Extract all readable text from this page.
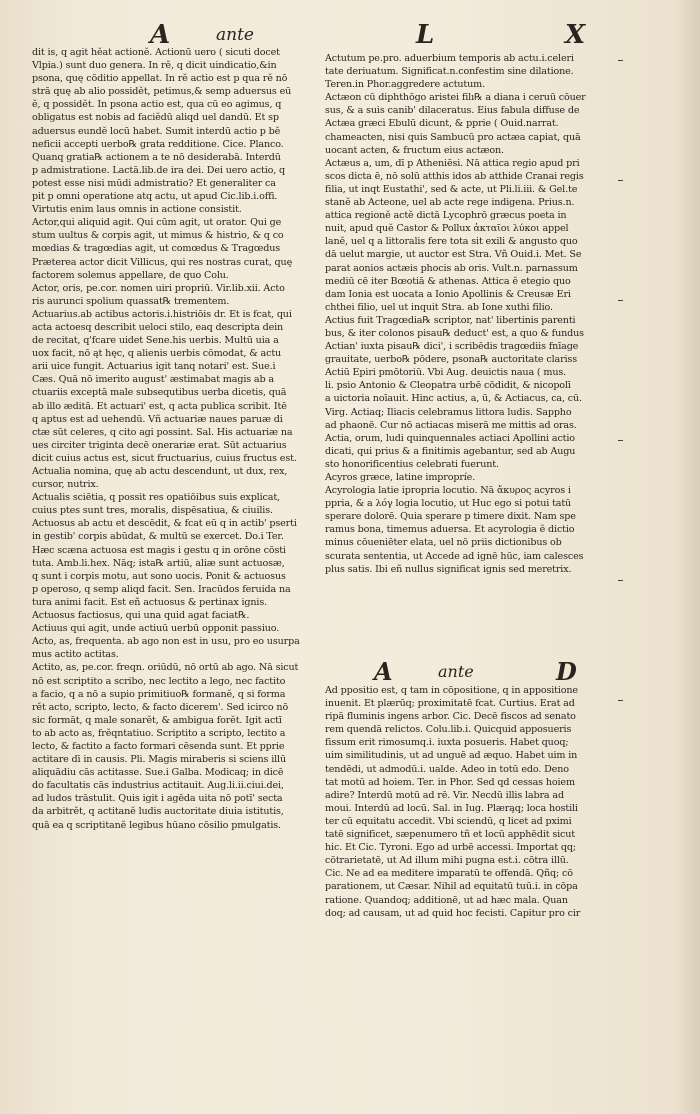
A	ante	L	X
dit is, q agit hĕat actionĕ. Actionū uero ( sicuti docet
Vlpia.) sunt duo genera. In rĕ, q dicit uindicatio,&in
psona, quę cōditio appellat. In rĕ actio est p qua rĕ nō
strā quę ab alio possidĕt, petimus,& semp aduersus eū
ĕ, q possidĕt. In psona actio est, qua cū eo agimus, q
obligatus est nobis ad faciĕdū aliqd uel dandū. Et sp
aduersus eundĕ locū habet. Sumit interdū actio p bĕ
neficii accepti uerbo℞ grata redditione. Cice. Planco.
Quanq gratia℞ actionem a te nō desiderabā. Interdū
p admistratione. Lactā.lib.de ira dei. Dei uero actio, q
potest esse nisi mūdi admistratio? Et generaliter ca
pit p omni operatione atq actu, ut apud Cic.lib.i.offi.
Virtutis enim laus omnis in actione consistit.
Actor,qui aliquid agit. Qui cūm agit, ut orator. Qui ge
stum uultus & corpis agit, ut mimus & histrio, & q co
mœdias & tragœdias agit, ut comœdus & Tragœdus
Præterea actor dicit Villicus, qui res nostras curat, quę
factorem solemus appellare, de quo Colu.
Actor, oris, pe.cor. nomen uiri propriū. Vir.lib.xii. Acto
ris aurunci spolium quassat℞ trementem.
Actuarius.ab actibus actoris.i.histriōis dr. Et is fcat, qui
acta actoesq describit ueloci stilo, eaq descripta dein
de recitat, q'fcare uidet Sene.his uerbis. Multū uia a
uox facit, nō ąt hęc, q alienis uerbis cōmodat, & actu
arii uice fungit. Actuarius igit tanq notari' est. Sue.i
Cæs. Quā nō imerito august' æstimabat magis ab a
ctuariis exceptā male subsequtibus uerba dicetis, quā
ab illo æditā. Et actuari' est, q acta publica scribit. Itē
q aptus est ad uehendū. Vñ actuariæ naues paruæ di
ctæ sūt celeres, q cito agi possint. Sal. His actuariæ na
ues circiter triginta decē onerariæ erat. Sūt actuarius
dicit cuius actus est, sicut fructuarius, cuius fructus est.
Actualia nomina, quę ab actu descendunt, ut dux, rex,
cursor, nutrix.
Actualis sciētia, q possit res opatiōibus suis explicat,
cuius ptes sunt tres, moralis, dispēsatiua, & ciuilis.
Actuosus ab actu et descēdit, & fcat eū q in actib' pserti
in gestib' corpis abūdat, & multū se exercet. Do.i Ter.
Hæc scæna actuosa est magis i gestu q in orōne cōsti
tuta. Amb.li.hex. Nāq; ista℞ artiū, aliæ sunt actuosæ,
q sunt i corpis motu, aut sono uocis. Ponit & actuosus
p operoso, q semp aliqd facit. Sen. Iracūdos feruida na
tura animi facit. Est eñ actuosus & pertinax ignis.
Actuosus factiosus, qui una quid agat faciat℞.
Actiuus qui agit, unde actiuū uerbū opponit passiuo.
Acto, as, frequenta. ab ago non est in usu, pro eo usurpa
mus actito actitas.
Actito, as, pe.cor. freqn. oriūdū, nō ortū ab ago. Nā sicut
nō est scriptito a scribo, nec lectito a lego, nec factito
a facio, q a nō a supio primitiuo℞ formanĕ, q si forma
rĕt acto, scripto, lecto, & facto dicerem'. Sed icirco nō
sic formāt, q male sonarĕt, & ambigua forĕt. Igit actī
to ab acto as, frĕqntatiuo. Scriptito a scripto, lectito a
lecto, & factito a facto formari cēsenda sunt. Et pprie
actitare dī in causis. Pli. Magis miraberis si sciens illū
aliquādiu cās actitasse. Sue.i Galba. Modicaq; in dicē
do facultatis cās industrius actitauit. Aug.li.ii.ciui.dei,
ad ludos trāstulit. Quis igit i agēda uita nō potī' secta
da arbitrĕt, q actitanĕ ludis auctoritate diuia istitutis,
quā ea q scriptitanĕ legibus hūano cōsilio pmulgatis.
Actutum pe.pro. aduerbium temporis ab actu.i.celeri
tate deriuatum. Significat.n.confestim sine dilatione.
Teren.in Phor.aggredere actutum.
Actæon cū diphthōgo aristei filı℞ a diana i ceruū cōuer
sus, & a suis canib' dilaceratus. Eius fabula diffuse de
Actæa græci Ebulū dicunt, & pprie ( Ouid.narrat.
chameacten, nisi quis Sambucū pro actæa capiat, quā
uocant acten, & fructum eius actæon.
Actæus a, um, dī p Atheniēsi. Nā attica regio apud pri
scos dicta ē, nō solū atthis idos ab atthide Cranai regis
filia, ut inqt Eustathi', sed & acte, ut Pli.li.iii. & Gel.te
stanĕ ab Acteone, uel ab acte rege indigena. Prius.n.
attica regionĕ actĕ dictā Lycophrō græcus poeta in
nuit, apud quĕ Castor & Pollux ἀκταῖοι λύκοι appel
lanĕ, uel q a littoralis fere tota sit exili & angusto quo
dā uelut margie, ut auctor est Stra. Vñ Ouid.i. Met. Se
parat aonios actæis phocis ab oris. Vult.n. parnassum
mediū cē iter Bœotiā & athenas. Attica ĕ etegio quo
dam Ionia est uocata a Ionio Apollinis & Creusæ Eri
chthei filio, uel ut inquit Stra. ab Ione xuthi filio.
Actius fuit Tragœdia℞ scriptor, nat' libertinis parenti
bus, & iter colonos pisau℞ deduct' est, a quo & fundus
Actian' iuxta pisau℞ dici', i scribēdis tragœdiis fnīage
grauitate, uerbo℞ pōdere, psona℞ auctoritate clariss
Actiū Epiri pmōtoriū. Vbi Aug. deuictis naua ( mus.
li. psio Antonio & Cleopatra urbē cōdidit, & nicopolī
a uictoria noīauit. Hinc actius, a, ū, & Actiacus, ca, cū.
Virg. Actiaq; Iliacis celebramus littora ludis. Sappho
ad phaonē. Cur nō actiacas miserā me mittis ad oras.
Actia, orum, ludi quinquennales actiaci Apollini actio
dicati, qui prius & a finitimis agebantur, sed ab Augu
sto honorificentius celebrati fuerunt.
Acyros græce, latine impropríe.
Acyrologia latie ipropria locutio. Nā ἄκυρος acyros i
ppria, & a λόγ logia locutio, ut Huc ego si potui tatū
sperare dolorē. Quia sperare p timere dixit. Nam spe
ramus bona, timemus aduersa. Et acyrologia ĕ dictio
minus cōueniēter elata, uel nō priis dictionibus ob
scurata sententia, ut Accede ad ignē hūc, iam calesces
plus satis. Ibi eñ nullus significat ignis sed meretrix.
A	ante	D
Ad ppositio est, q tam in cōpositione, q in appositione
inuenit. Et plærūq; proximitatē fcat. Curtius. Erat ad
ripā fluminis ingens arbor. Cic. Decē fiscos ad senato
rem quendā relictos. Colu.lib.i. Quicquid apposueris
fissum erit rimosumq.i. iuxta posueris. Habet quoq;
uim similitudinis, ut ad unguē ad æquo. Habet uim in
tendēdi, ut admodū.i. ualde. Adeo in totū edo. Deno
tat motū ad hoiem. Ter. in Phor. Sed qd cessas hoiem
adire? Interdū motū ad rē. Vir. Necdū illis labra ad
moui. Interdū ad locū. Sal. in Iug. Plærąq; loca hostili
ter cū equitatu accedit. Vbi sciendū, q licet ad pximi
tatē significet, sæpenumero tñ et locū apphēdit sicut
hic. Et Cic. Tyroni. Ego ad urbē accessi. Importat qq;
cōtrarietatē, ut Ad illum mihi pugna est.i. cōtra illū.
Cic. Ne ad ea meditere imparatū te offendā. Qñq; cō
parationem, ut Cæsar. Nihil ad equitatū tuū.i. in cōpa
ratione. Quandoq; additionē, ut ad hæc mala. Quan
doq; ad causam, ut ad quid hoc fecisti. Capitur pro cir
